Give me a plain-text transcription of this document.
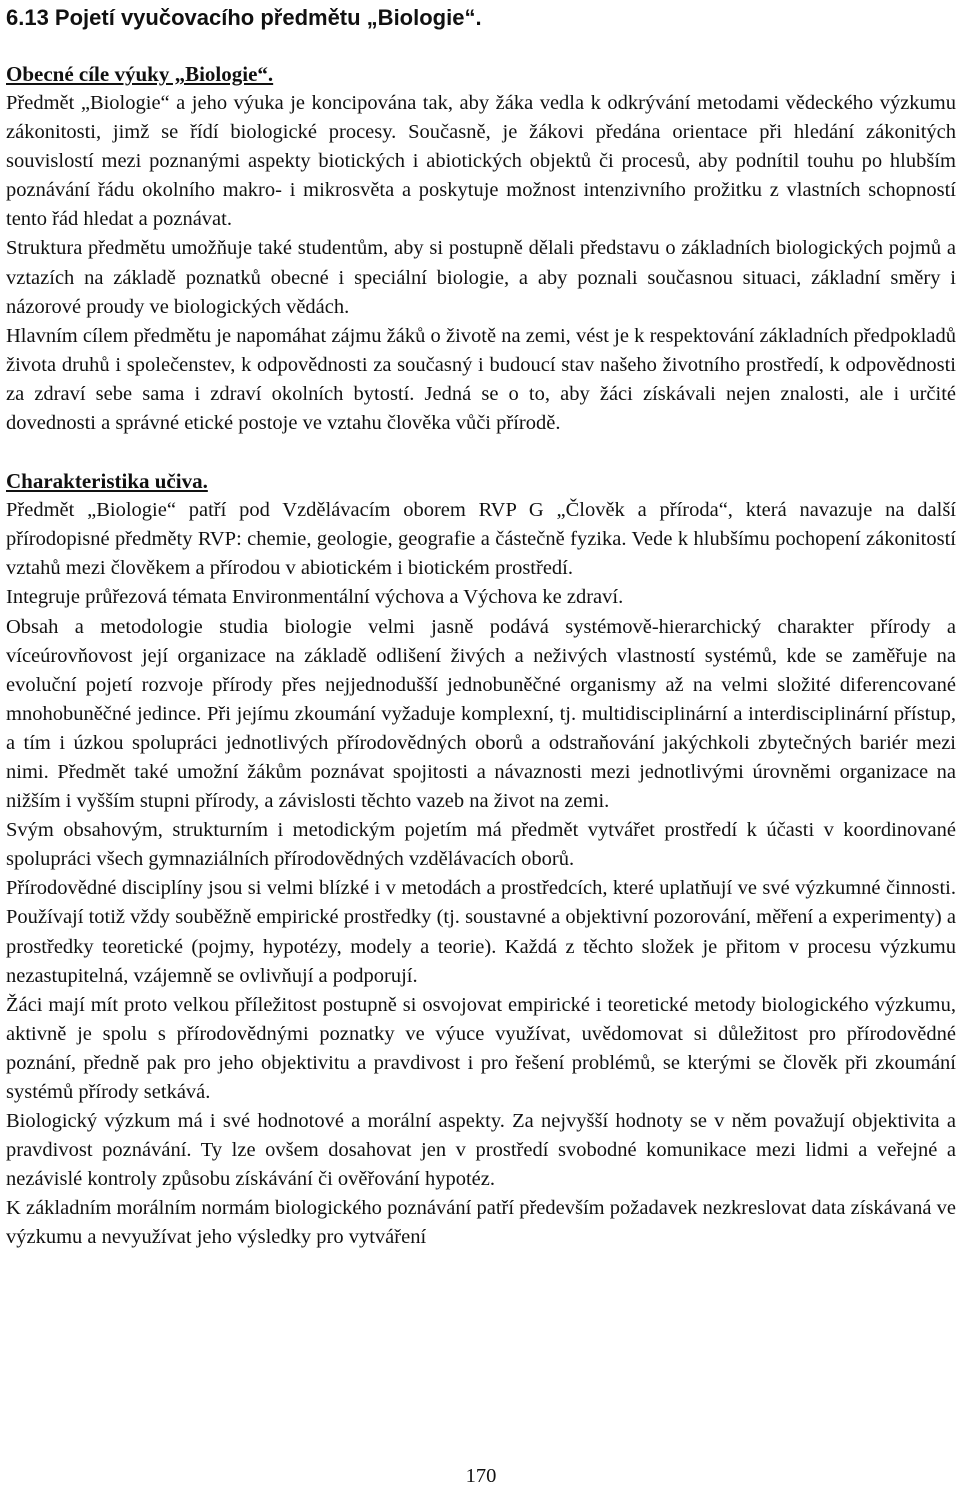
6.13 Pojetí vyučovacího předmětu „Biologie“.
Obecné cíle výuky „Biologie“.

Předmět „Biologie“ a jeho výuka je koncipována tak, aby žáka vedla k odkrývání metodami vědeckého výzkumu zákonitosti, jimž se řídí biologické procesy. Současně, je žákovi předána orientace při hledání zákonitých souvislostí mezi poznanými aspekty biotických i abiotických objektů či procesů, aby podnítil touhu po hlubším poznávání řádu okolního makro- i mikrosvěta a poskytuje možnost intenzivního prožitku z vlastních schopností tento řád hledat a poznávat.

Struktura předmětu umožňuje také studentům, aby si postupně dělali představu o základních biologických pojmů a vztazích na základě poznatků obecné i speciální biologie, a aby poznali současnou situaci, základní směry i názorové proudy ve biologických vědách.

Hlavním cílem předmětu je napomáhat zájmu žáků o životě na zemi, vést je k respektování základních předpokladů života druhů i společenstev, k odpovědnosti za současný i budoucí stav našeho životního prostředí, k odpovědnosti za zdraví sebe sama i zdraví okolních bytostí. Jedná se o to, aby žáci získávali nejen znalosti, ale i určité dovednosti a správné etické postoje ve vztahu člověka vůči přírodě.

Charakteristika učiva.

Předmět „Biologie“ patří pod Vzdělávacím oborem RVP G „Člověk a příroda“, která navazuje na další přírodopisné předměty RVP: chemie, geologie, geografie a částečně fyzika. Vede k hlubšímu pochopení zákonitostí vztahů mezi člověkem a přírodou v abiotickém i biotickém prostředí.

Integruje průřezová témata Environmentální výchova a Výchova ke zdraví.

Obsah a metodologie studia biologie velmi jasně podává systémově-hierarchický charakter přírody a víceúrovňovost její organizace na základě odlišení živých a neživých vlastností systémů, kde se zaměřuje na evoluční pojetí rozvoje přírody přes nejjednodušší jednobuněčné organismy až na velmi složité diferencované mnohobuněčné jedince. Při jejímu zkoumání vyžaduje komplexní, tj. multidisciplinární a interdisciplinární přístup, a tím i úzkou spolupráci jednotlivých přírodovědných oborů a odstraňování jakýchkoli zbytečných bariér mezi nimi. Předmět také umožní žákům poznávat spojitosti a návaznosti mezi jednotlivými úrovněmi organizace na nižším i vyšším stupni přírody, a závislosti těchto vazeb na život na zemi.

Svým obsahovým, strukturním i metodickým pojetím má předmět vytvářet prostředí k účasti v koordinované spolupráci všech gymnaziálních přírodovědných vzdělávacích oborů.

Přírodovědné disciplíny jsou si velmi blízké i v metodách a prostředcích, které uplatňují ve své výzkumné činnosti. Používají totiž vždy souběžně empirické prostředky (tj. soustavné a objektivní pozorování, měření a experimenty) a prostředky teoretické (pojmy, hypotézy, modely a teorie). Každá z těchto složek je přitom v procesu výzkumu nezastupitelná, vzájemně se ovlivňují a podporují.

Žáci mají mít proto velkou příležitost postupně si osvojovat empirické i teoretické metody biologického výzkumu, aktivně je spolu s přírodovědnými poznatky ve výuce využívat, uvědomovat si důležitost pro přírodovědné poznání, předně pak pro jeho objektivitu a pravdivost i pro řešení problémů, se kterými se člověk při zkoumání systémů přírody setkává.

Biologický výzkum má i své hodnotové a morální aspekty. Za nejvyšší hodnoty se v něm považují objektivita a pravdivost poznávání. Ty lze ovšem dosahovat jen v prostředí svobodné komunikace mezi lidmi a veřejné a nezávislé kontroly způsobu získávání či ověřování hypotéz.

K základním morálním normám biologického poznávání patří především požadavek nezkreslovat data získávaná ve výzkumu a nevyužívat jeho výsledky pro vytváření

170
